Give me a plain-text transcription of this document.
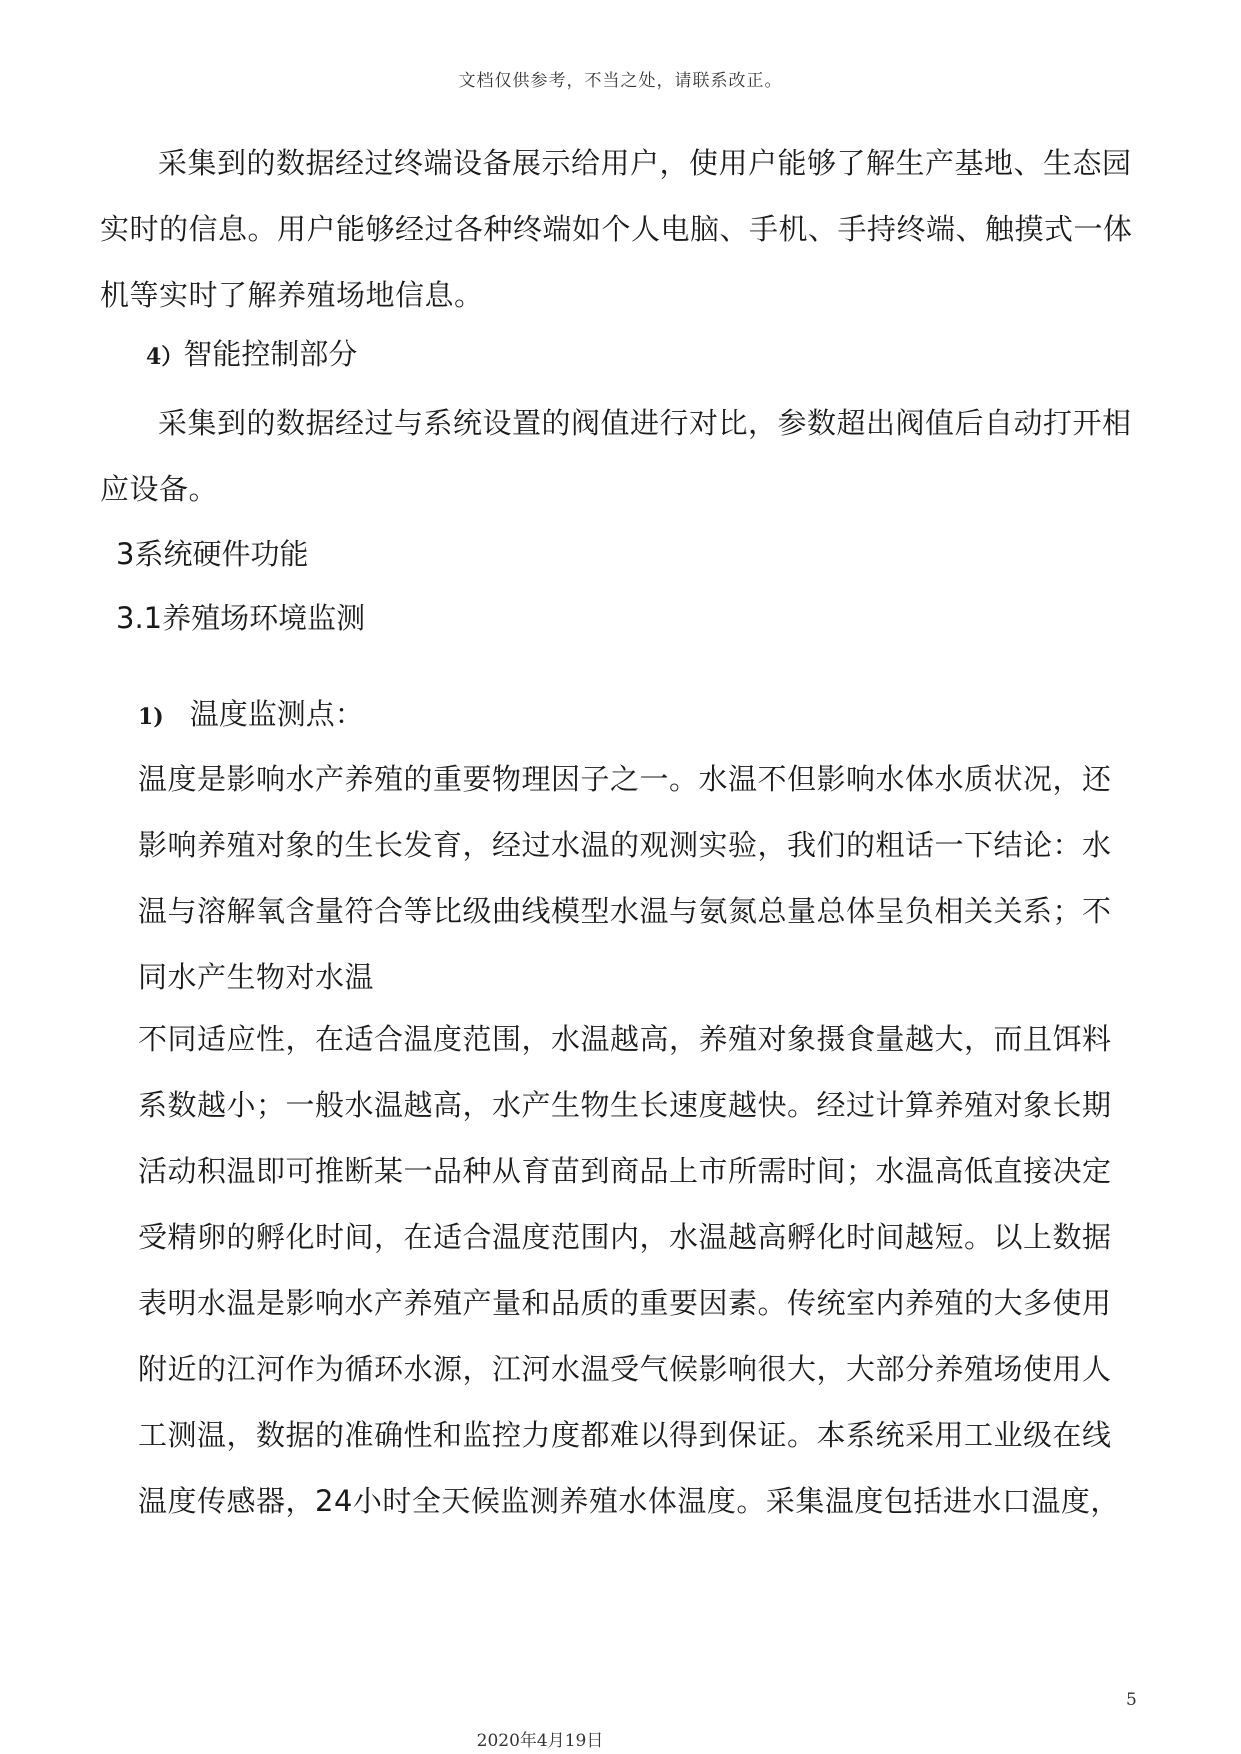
文档仅供参考，不当之处，请联系改正。

采集到的数据经过终端设备展示给用户，使用户能够了解生产基地、生态园实时的信息。用户能够经过各种终端如个人电脑、手机、手持终端、触摸式一体机等实时了解养殖场地信息。

4）智能控制部分

采集到的数据经过与系统设置的阀值进行对比，参数超出阀值后自动打开相应设备。

3系统硬件功能
3.1养殖场环境监测
1) 温度监测点：

温度是影响水产养殖的重要物理因子之一。水温不但影响水体水质状况，还影响养殖对象的生长发育，经过水温的观测实验，我们的粗话一下结论：水温与溶解氧含量符合等比级曲线模型水温与氨氮总量总体呈负相关关系；不同水产生物对水温

不同适应性，在适合温度范围，水温越高，养殖对象摄食量越大，而且饵料系数越小；一般水温越高，水产生物生长速度越快。经过计算养殖对象长期活动积温即可推断某一品种从育苗到商品上市所需时间；水温高低直接决定受精卵的孵化时间，在适合温度范围内，水温越高孵化时间越短。以上数据表明水温是影响水产养殖产量和品质的重要因素。传统室内养殖的大多使用附近的江河作为循环水源，江河水温受气候影响很大，大部分养殖场使用人工测温，数据的准确性和监控力度都难以得到保证。本系统采用工业级在线温度传感器，24小时全天候监测养殖水体温度。采集温度包括进水口温度，

5
2020年4月19日
